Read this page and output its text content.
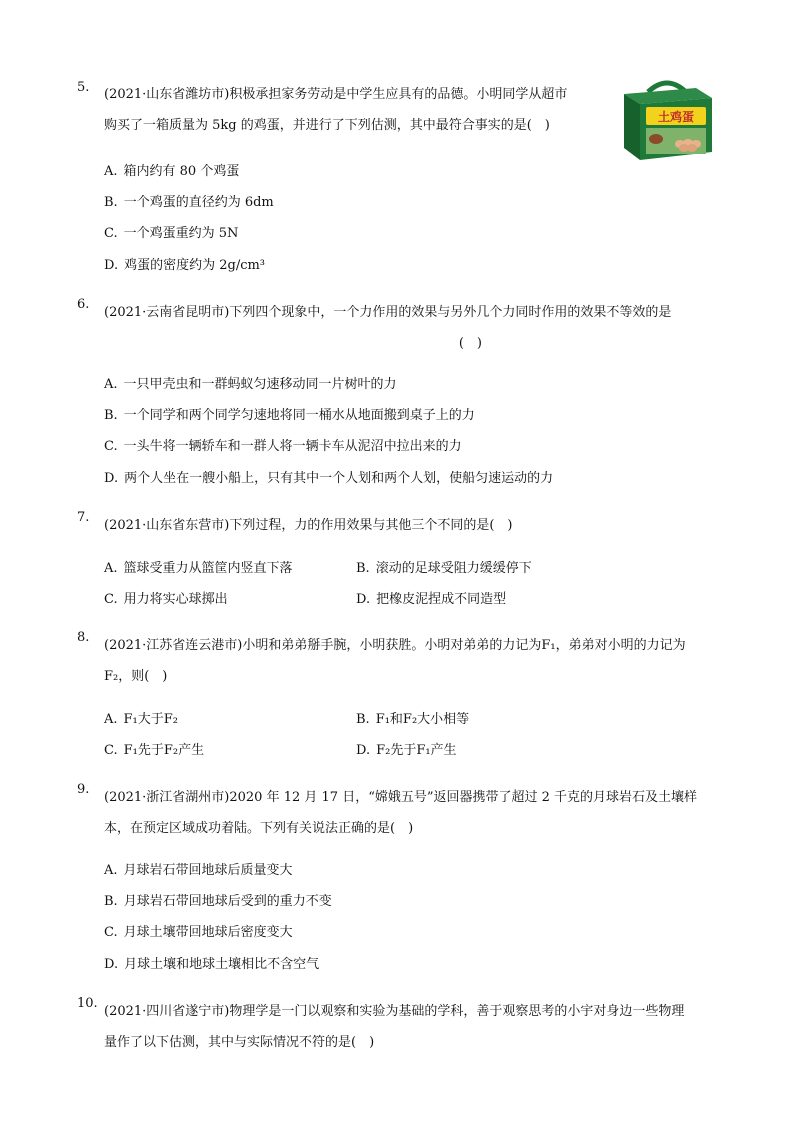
5. (2021·山东省潍坊市)积极承担家务劳动是中学生应具有的品德。小明同学从超市
购买了一箱质量为 5kg 的鸡蛋，并进行了下列估测，其中最符合事实的是(　)
A. 箱内约有 80 个鸡蛋
B. 一个鸡蛋的直径约为 6dm
C. 一个鸡蛋重约为 5N
D. 鸡蛋的密度约为 2g/cm³
土鸡蛋
6.
(2021·云南省昆明市)下列四个现象中，一个力作用的效果与另外几个力同时作用的效果不等效的是
(　)
A. 一只甲壳虫和一群蚂蚁匀速移动同一片树叶的力
B. 一个同学和两个同学匀速地将同一桶水从地面搬到桌子上的力
C. 一头牛将一辆轿车和一群人将一辆卡车从泥沼中拉出来的力
D. 两个人坐在一艘小船上，只有其中一个人划和两个人划，使船匀速运动的力
7.
(2021·山东省东营市)下列过程，力的作用效果与其他三个不同的是(　)
A. 篮球受重力从篮筐内竖直下落	B. 滚动的足球受阻力缓缓停下
C. 用力将实心球掷出	D. 把橡皮泥捏成不同造型
8.
(2021·江苏省连云港市)小明和弟弟掰手腕，小明获胜。小明对弟弟的力记为F₁，弟弟对小明的力记为
F₂，则(　)
A. F₁大于F₂	B. F₁和F₂大小相等
C. F₁先于F₂产生	D. F₂先于F₁产生
9.
(2021·浙江省湖州市)2020 年 12 月 17 日，“嫦娥五号”返回器携带了超过 2 千克的月球岩石及土壤样
本，在预定区域成功着陆。下列有关说法正确的是(　)
A. 月球岩石带回地球后质量变大
B. 月球岩石带回地球后受到的重力不变
C. 月球土壤带回地球后密度变大
D. 月球土壤和地球土壤相比不含空气
10.
(2021·四川省遂宁市)物理学是一门以观察和实验为基础的学科，善于观察思考的小宇对身边一些物理
量作了以下估测，其中与实际情况不符的是(　)
